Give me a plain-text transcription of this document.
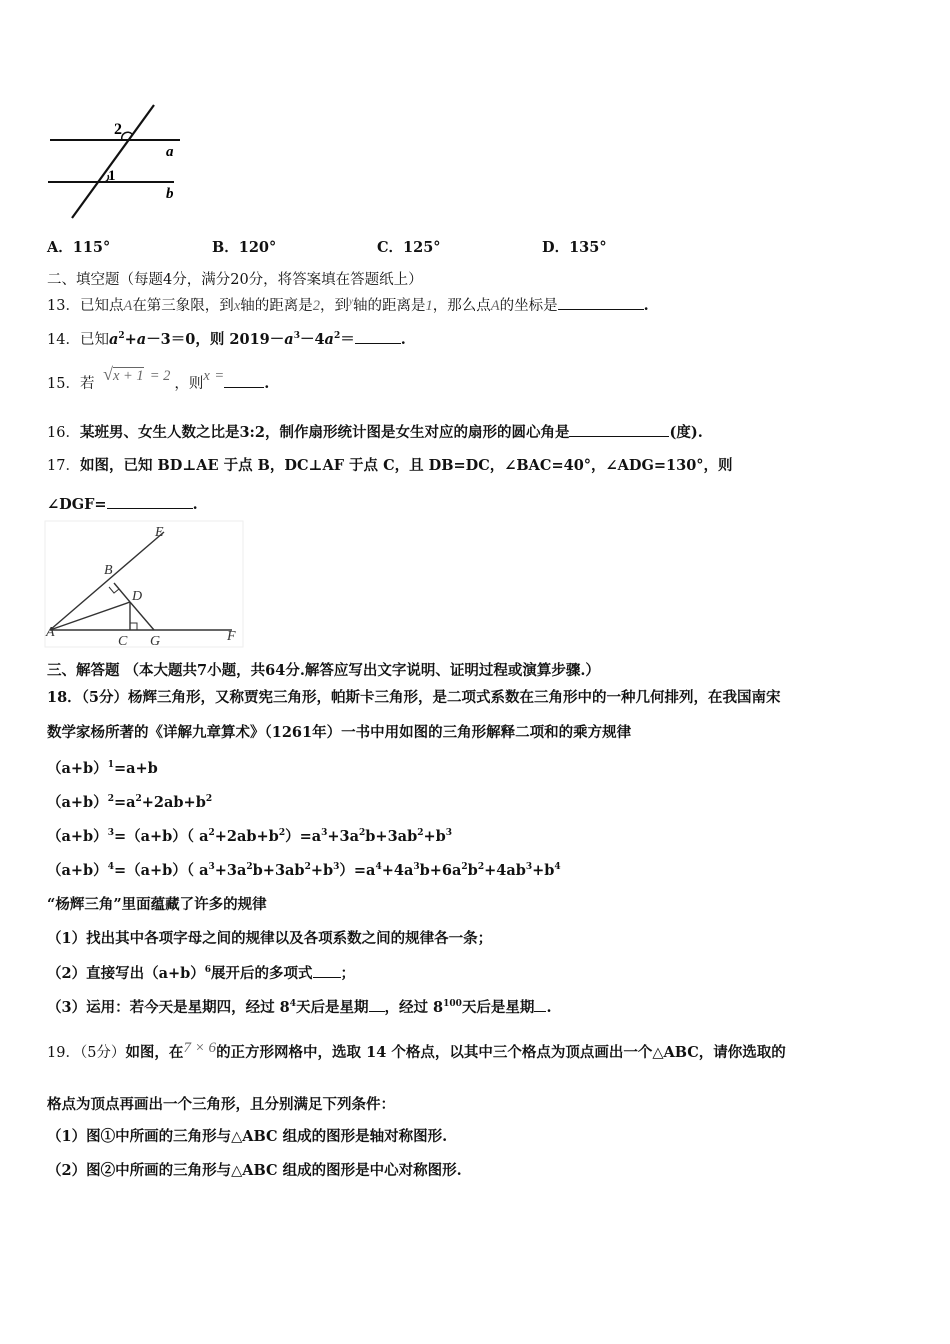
2
1
a
b
A．115°	B．120°	C．125°	D．135°
二、填空题（每题4分，满分20分，将答案填在答题纸上）
13．已知点A在第三象限，到x轴的距离是2，到$^y$轴的距离是1，那么点A的坐标是	.
14．已知$a^2+a-3=0$，则 $2019-a^3-4a^2=$	.
15．若 √x + 1 = 2 ，则x =	.
16．某班男、女生人数之比是3:2，制作扇形统计图是女生对应的扇形的圆心角是	(度).
17．如图，已知 BD⊥AE 于点 B，DC⊥AF 于点 C，且 DB=DC，∠BAC=40°，∠ADG=130°，则
∠DGF=	.
E
B
D
A
C G	F
三、解答题 （本大题共7小题，共64分.解答应写出文字说明、证明过程或演算步骤.）
18．（5分）杨辉三角形，又称贾宪三角形，帕斯卡三角形，是二项式系数在三角形中的一种几何排列，在我国南宋
数学家杨所著的《详解九章算术》（1261年）一书中用如图的三角形解释二项和的乘方规律
$(a+b)^1=a+b$
$(a+b)^2=a^2+2ab+b^2$
$(a+b)^3=(a+b)$（ $a^2+2ab+b^2)=a^3+3a^2b+3ab^2+b^3$
$(a+b)^4=(a+b)$（ $a^3+3a^2b+3ab^2+b^3)=a^4+4a^3b+6a^2b^2+4ab^3+b^4$
“杨辉三角”里面蕴藏了许多的规律
（1）找出其中各项字母之间的规律以及各项系数之间的规律各一条；
（2）直接写出$(a+b)^6$展开后的多项式 ；
（3）运用：若今天是星期四，经过 $8^4$天后是星期 ，经过 $8^{100}$天后是星期 .
19．（5分）如图，在7 × 6的正方形网格中，选取 14 个格点，以其中三个格点为顶点画出一个△ABC，请你选取的
格点为顶点再画出一个三角形，且分别满足下列条件：
（1）图①中所画的三角形与△ABC 组成的图形是轴对称图形.
（2）图②中所画的三角形与△ABC 组成的图形是中心对称图形.
